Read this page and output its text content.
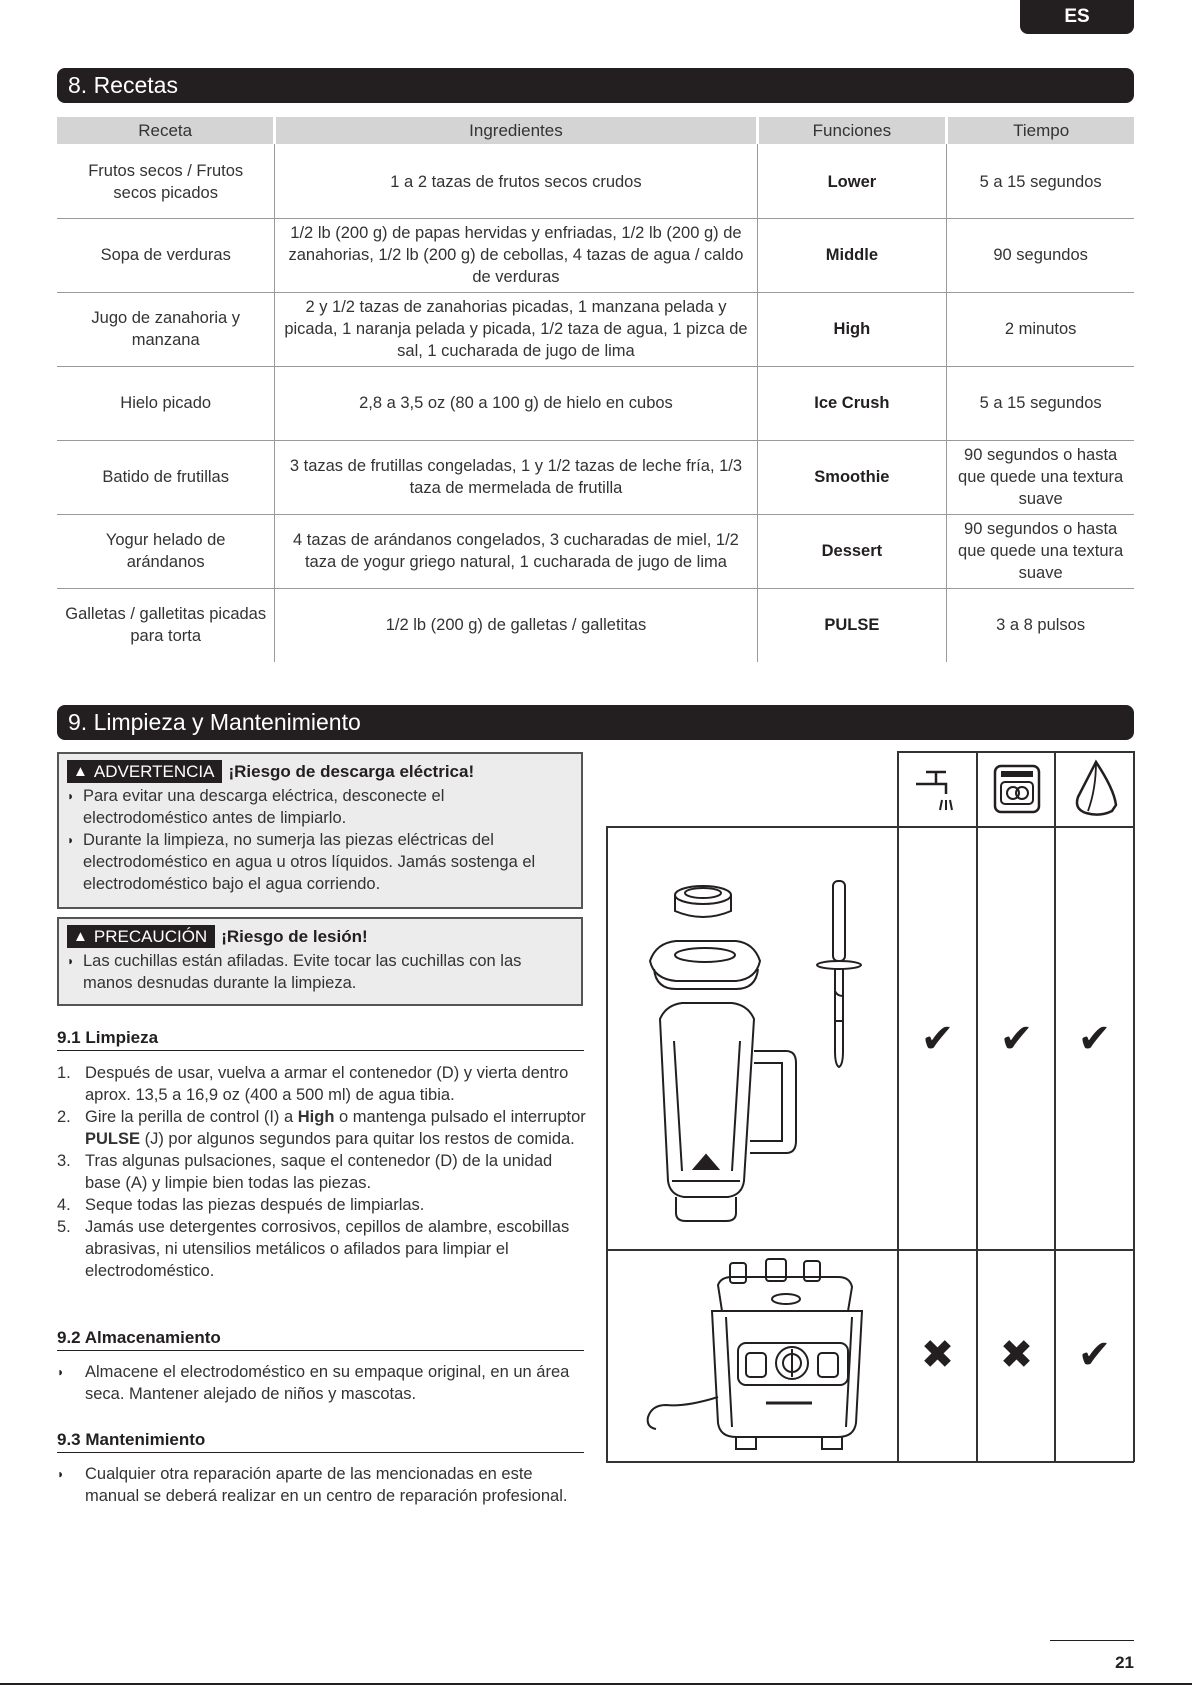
ES
8. Recetas
Receta	Ingredientes	Funciones	Tiempo
Frutos secos / Frutos secos picados	1 a 2 tazas de frutos secos crudos	Lower	5 a 15 segundos
Sopa de verduras	1/2 lb (200 g) de papas hervidas y enfriadas, 1/2 lb (200 g) de zanahorias, 1/2 lb (200 g) de cebollas, 4 tazas de agua / caldo de verduras	Middle	90 segundos
Jugo de zanahoria y manzana	2 y 1/2 tazas de zanahorias picadas, 1 manzana pelada y picada, 1 naranja pelada y picada, 1/2 taza de agua, 1 pizca de sal, 1 cucharada de jugo de lima	High	2 minutos
Hielo picado	2,8 a 3,5 oz (80 a 100 g) de hielo en cubos	Ice Crush	5 a 15 segundos
Batido de frutillas	3 tazas de frutillas congeladas, 1 y 1/2 tazas de leche fría, 1/3 taza de mermelada de frutilla	Smoothie	90 segundos o hasta que quede una textura suave
Yogur helado de arándanos	4 tazas de arándanos congelados, 3 cucharadas de miel, 1/2 taza de yogur griego natural, 1 cucharada de jugo de lima	Dessert	90 segundos o hasta que quede una textura suave
Galletas / galletitas picadas para torta	1/2 lb (200 g) de galletas / galletitas	PULSE	3 a 8 pulsos
9. Limpieza y Mantenimiento
▲ ADVERTENCIA ¡Riesgo de descarga eléctrica!
◗ Para evitar una descarga eléctrica, desconecte el electrodoméstico antes de limpiarlo.
◗ Durante la limpieza, no sumerja las piezas eléctricas del electrodoméstico en agua u otros líquidos. Jamás sostenga el electrodoméstico bajo el agua corriendo.
▲ PRECAUCIÓN ¡Riesgo de lesión!
◗ Las cuchillas están afiladas. Evite tocar las cuchillas con las manos desnudas durante la limpieza.
9.1 Limpieza
1. Después de usar, vuelva a armar el contenedor (D) y vierta dentro aprox. 13,5 a 16,9 oz (400 a 500 ml) de agua tibia.
2. Gire la perilla de control (I) a High o mantenga pulsado el interruptor PULSE (J) por algunos segundos para quitar los restos de comida.
3. Tras algunas pulsaciones, saque el contenedor (D) de la unidad base (A) y limpie bien todas las piezas.
4. Seque todas las piezas después de limpiarlas.
5. Jamás use detergentes corrosivos, cepillos de alambre, escobillas abrasivas, ni utensilios metálicos o afilados para limpiar el electrodoméstico.
9.2 Almacenamiento
◗ Almacene el electrodoméstico en su empaque original, en un área seca. Mantener alejado de niños y mascotas.
9.3 Mantenimiento
◗ Cualquier otra reparación aparte de las mencionadas en este manual se deberá realizar en un centro de reparación profesional.
✔	✔	✔
✖	✖	✔
21
